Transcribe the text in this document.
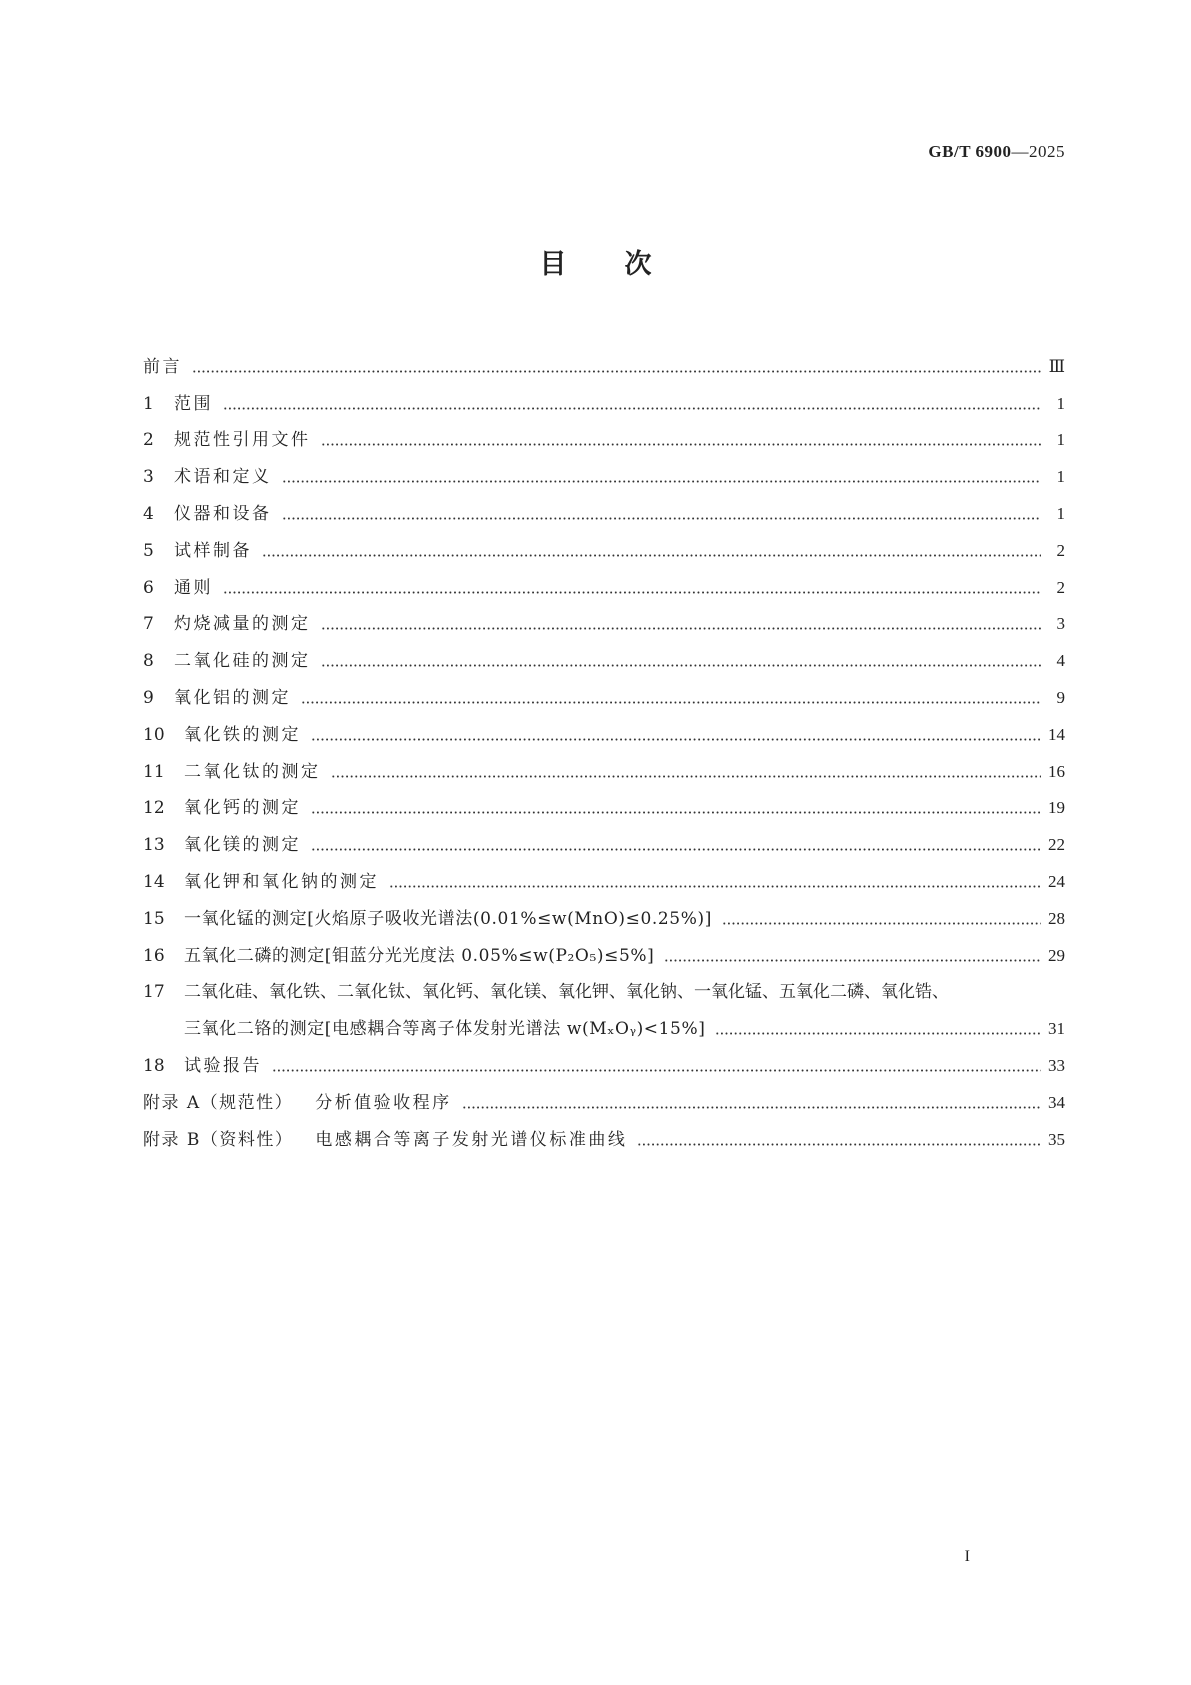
GB/T 6900—2025
目次
前言	Ⅲ
1	范围	1
2	规范性引用文件	1
3	术语和定义	1
4	仪器和设备	1
5	试样制备	2
6	通则	2
7	灼烧减量的测定	3
8	二氧化硅的测定	4
9	氧化铝的测定	9
10	氧化铁的测定	14
11	二氧化钛的测定	16
12	氧化钙的测定	19
13	氧化镁的测定	22
14	氧化钾和氧化钠的测定	24
15	一氧化锰的测定[火焰原子吸收光谱法(0.01%≤w(MnO)≤0.25%)]	28
16	五氧化二磷的测定[钼蓝分光光度法 0.05%≤w(P₂O₅)≤5%]	29
17	二氧化硅、氧化铁、二氧化钛、氧化钙、氧化镁、氧化钾、氧化钠、一氧化锰、五氧化二磷、氧化锆、
三氧化二铬的测定[电感耦合等离子体发射光谱法 w(MₓOᵧ)<15%]	31
18	试验报告	33
附录 A（规范性） 分析值验收程序	34
附录 B（资料性） 电感耦合等离子发射光谱仪标准曲线	35
I
